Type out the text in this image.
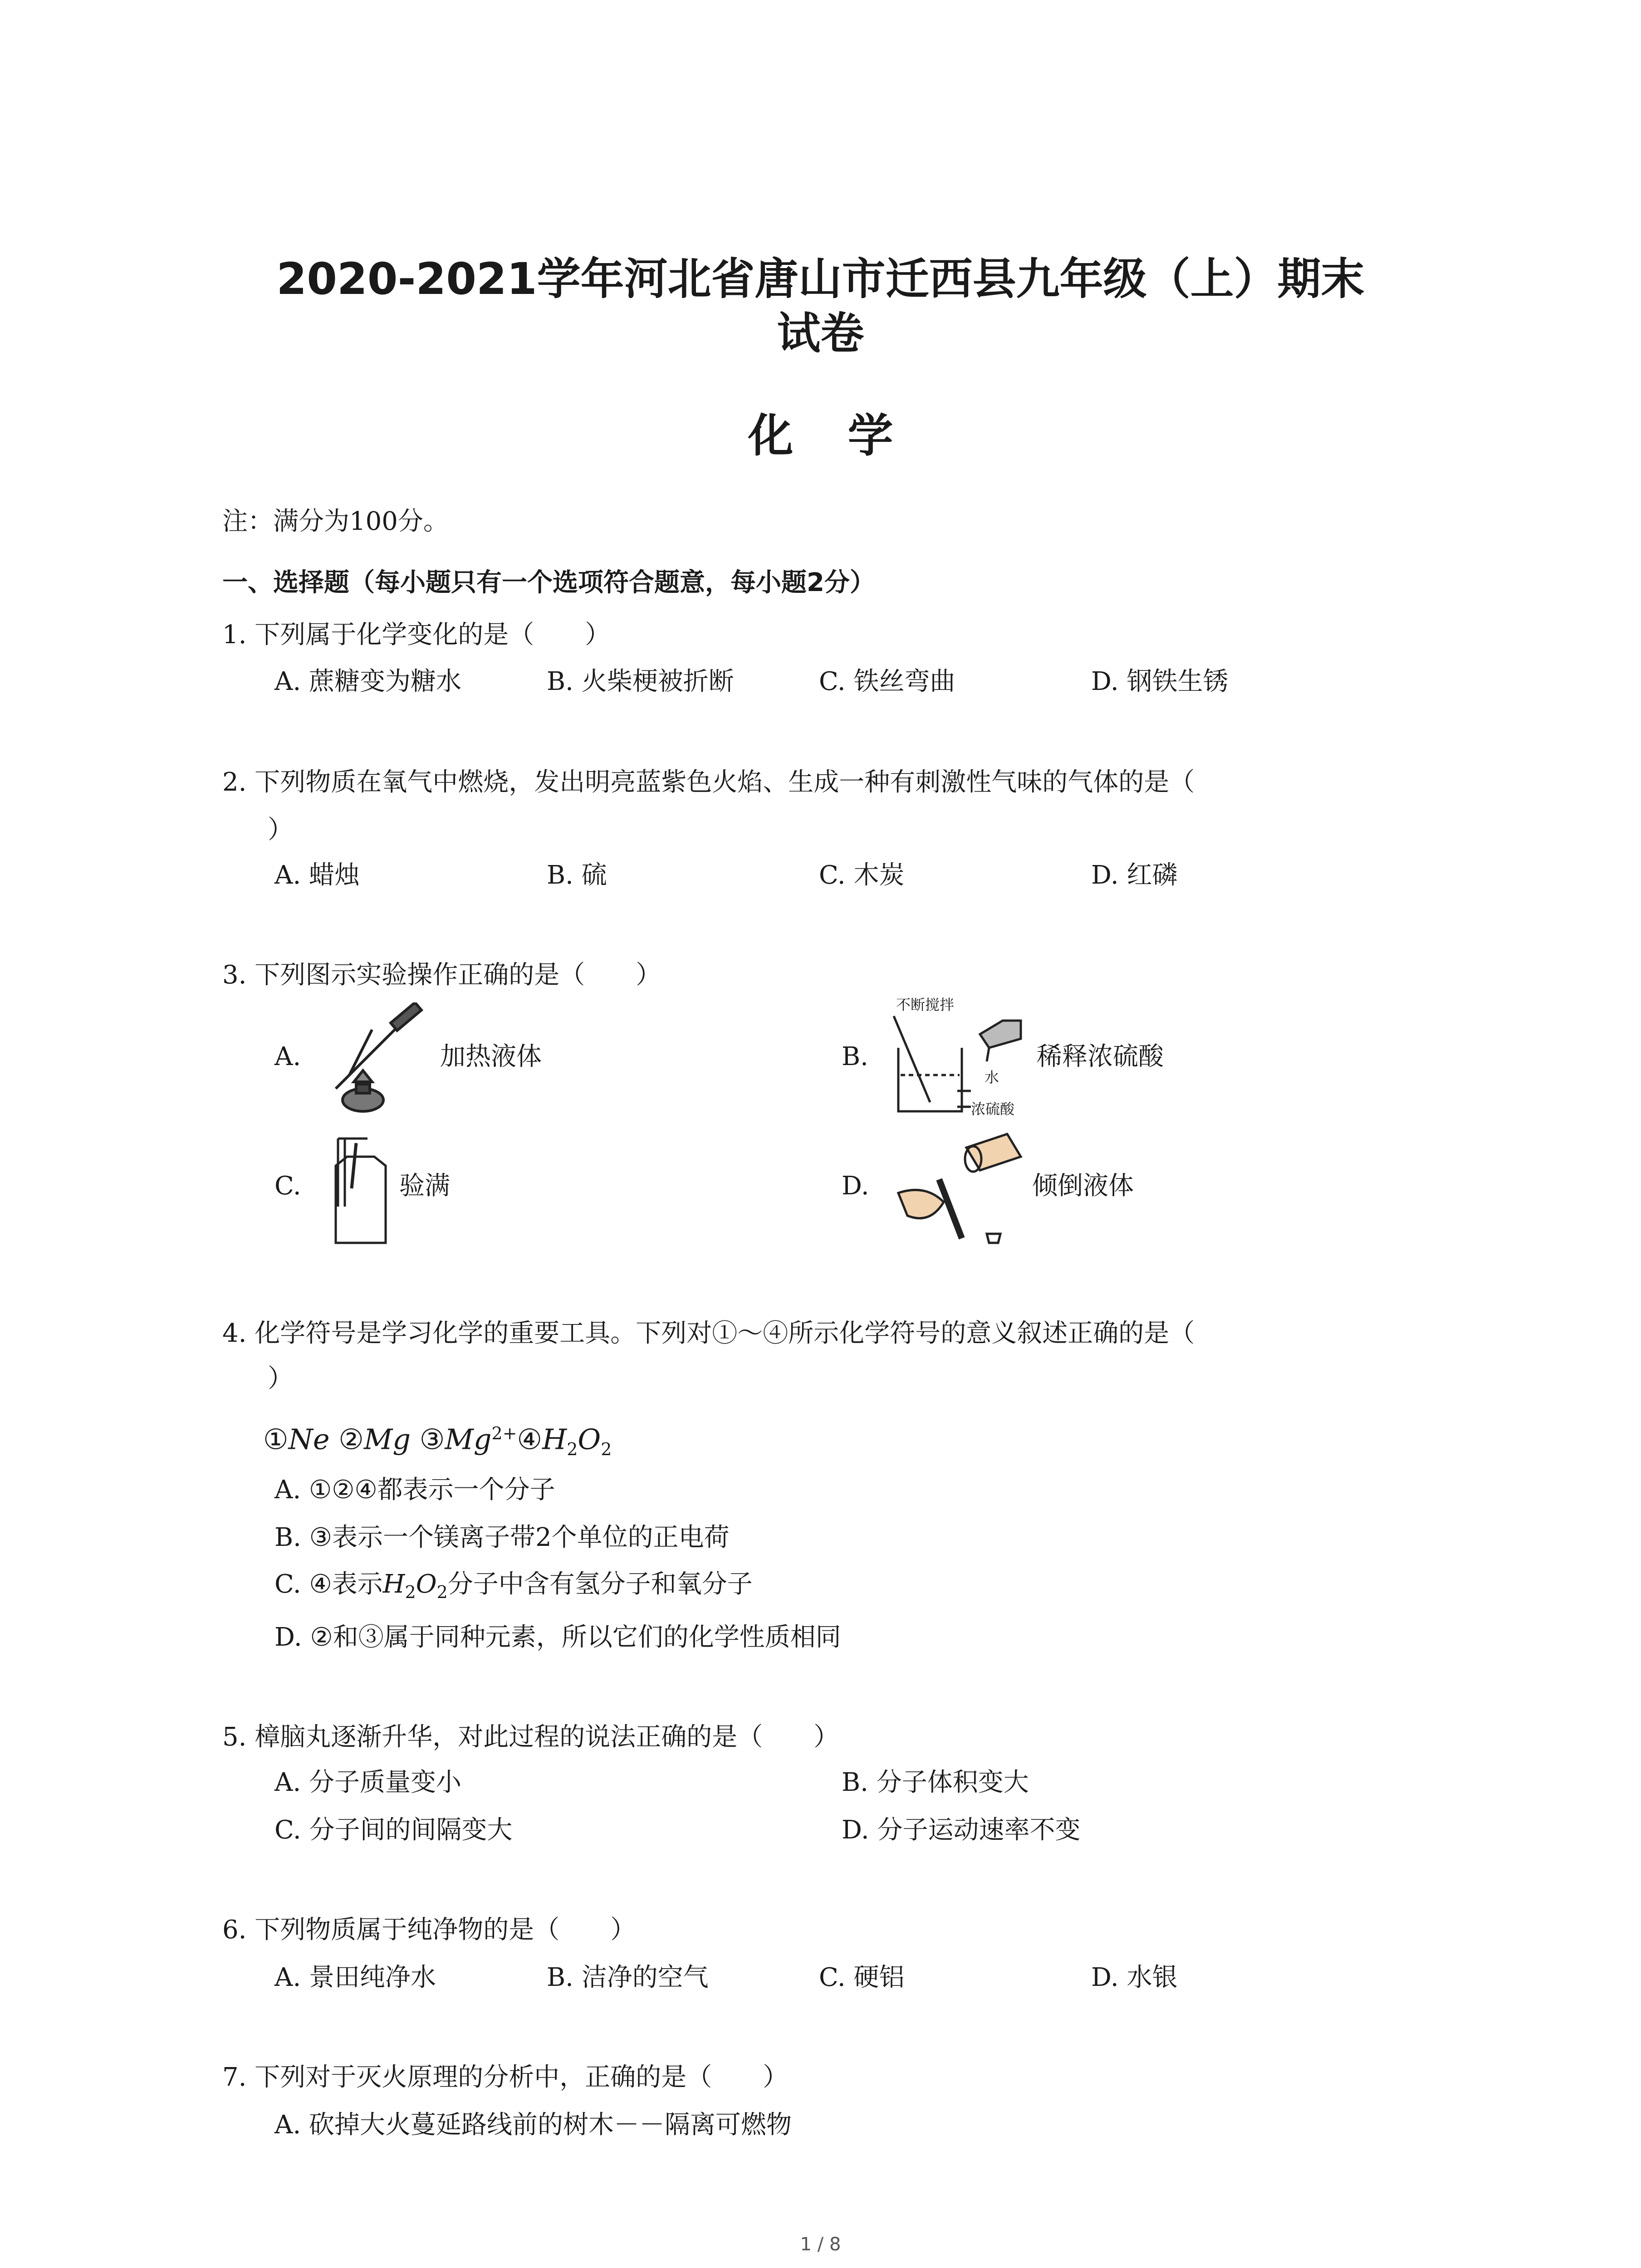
2020-2021学年河北省唐山市迁西县九年级（上）期末
试卷
化学
注：满分为100分。
一、选择题（每小题只有一个选项符合题意，每小题2分）
1. 下列属于化学变化的是（　　）
A. 蔗糖变为糖水	B. 火柴梗被折断	C. 铁丝弯曲	D. 钢铁生锈
2. 下列物质在氧气中燃烧，发出明亮蓝紫色火焰、生成一种有刺激性气味的气体的是（
）
A. 蜡烛	B. 硫	C. 木炭	D. 红磷
3. 下列图示实验操作正确的是（　　）
A.	加热液体	B.
不断搅拌
水
浓硫酸
稀释浓硫酸
C.	验满	D.	倾倒液体
4. 化学符号是学习化学的重要工具。下列对①～④所示化学符号的意义叙述正确的是（
）
①Ne ②Mg $③Mg^{2+}④H_2O_2$
A. ①②④都表示一个分子
B. ③表示一个镁离子带2个单位的正电荷
C. ④表示$H_2O_2$分子中含有氢分子和氧分子
D. ②和③属于同种元素，所以它们的化学性质相同
5. 樟脑丸逐渐升华，对此过程的说法正确的是（　　）
A. 分子质量变小	B. 分子体积变大
C. 分子间的间隔变大	D. 分子运动速率不变
6. 下列物质属于纯净物的是（　　）
A. 景田纯净水	B. 洁净的空气	C. 硬铝	D. 水银
7. 下列对于灭火原理的分析中，正确的是（　　）
A. 砍掉大火蔓延路线前的树木－－隔离可燃物
1 / 8
